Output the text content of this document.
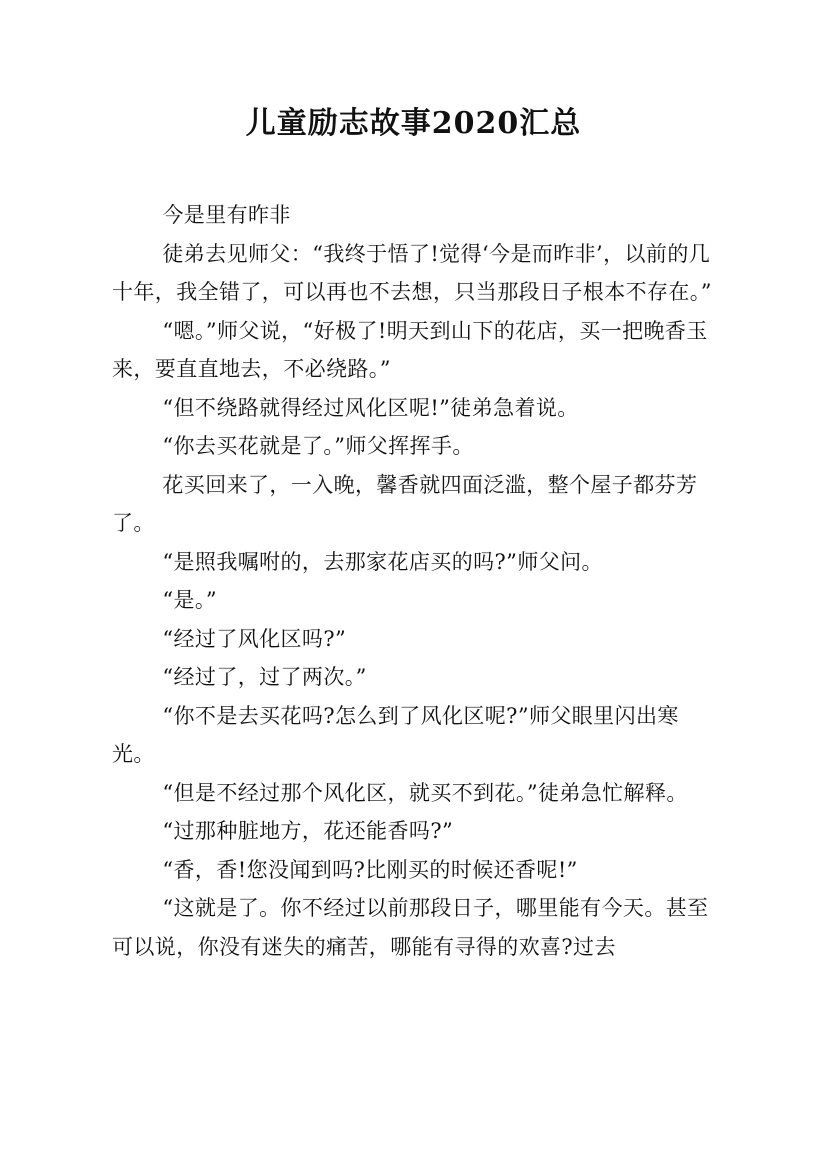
儿童励志故事2020汇总

今是里有昨非

徒弟去见师父：“我终于悟了!觉得‘今是而昨非’，以前的几十年，我全错了，可以再也不去想，只当那段日子根本不存在。”

“嗯。”师父说，“好极了!明天到山下的花店，买一把晚香玉来，要直直地去，不必绕路。”

“但不绕路就得经过风化区呢!”徒弟急着说。

“你去买花就是了。”师父挥挥手。

花买回来了，一入晚，馨香就四面泛滥，整个屋子都芬芳了。

“是照我嘱咐的，去那家花店买的吗?”师父问。

“是。”

“经过了风化区吗?”

“经过了，过了两次。”

“你不是去买花吗?怎么到了风化区呢?”师父眼里闪出寒光。

“但是不经过那个风化区，就买不到花。”徒弟急忙解释。

“过那种脏地方，花还能香吗?”

“香，香!您没闻到吗?比刚买的时候还香呢!”

“这就是了。你不经过以前那段日子，哪里能有今天。甚至可以说，你没有迷失的痛苦，哪能有寻得的欢喜?过去
